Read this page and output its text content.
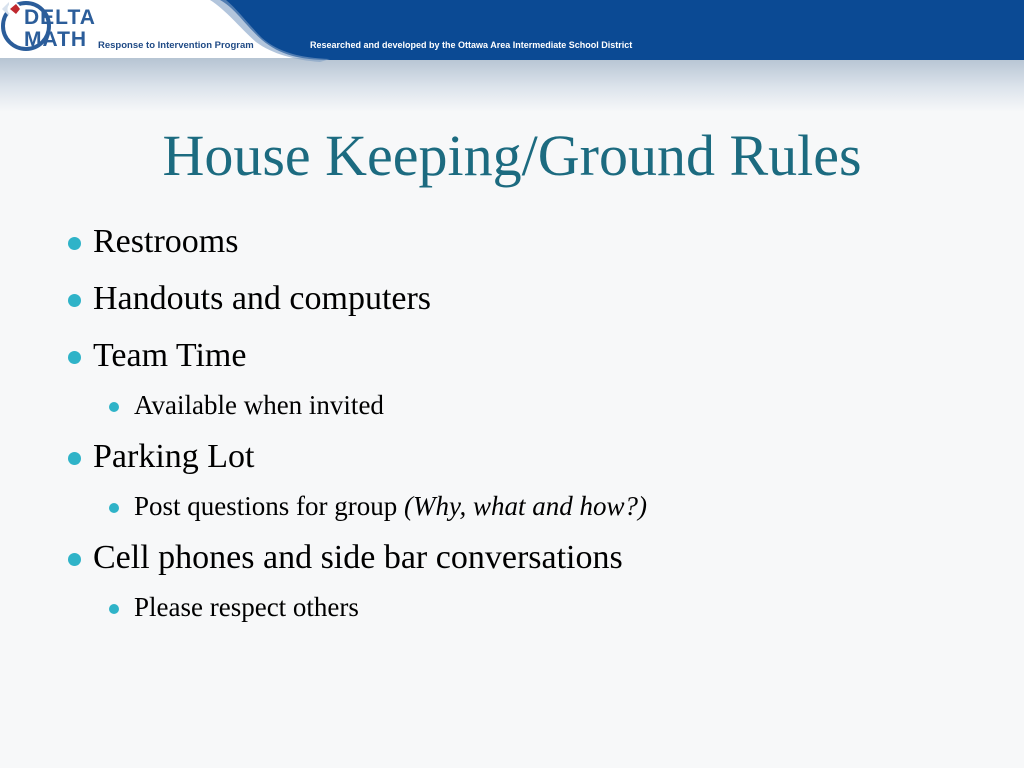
DELTA
MATH Response to Intervention Program	Researched and developed by the Ottawa Area Intermediate School District
House Keeping/Ground Rules
Restrooms
Handouts and computers
Team Time
Available when invited
Parking Lot
Post questions for group (Why, what and how?)
Cell phones and side bar conversations
Please respect others
